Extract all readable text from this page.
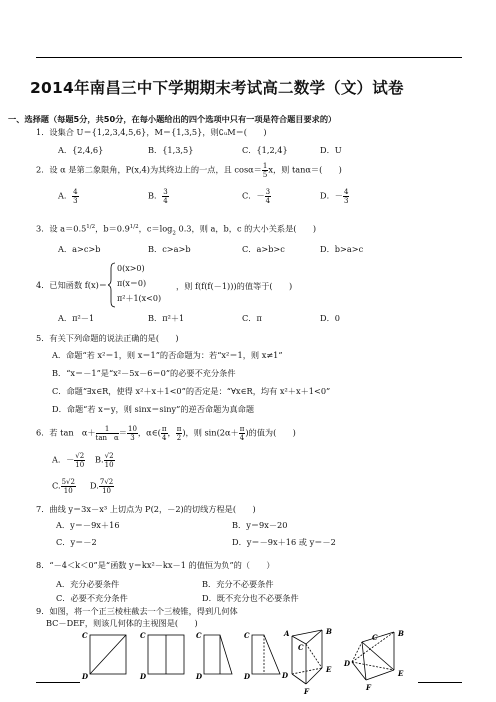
2014年南昌三中下学期期末考试高二数学（文）试卷
一、选择题（每题5分，共50分，在每小题给出的四个选项中只有一项是符合题目要求的）
1．设集合 U＝{1,2,3,4,5,6}，M＝{1,3,5}，则∁ᵤM＝(　　)
A．{2,4,6}	B．{1,3,5}	C．{1,2,4}	D．U
2．设 α 是第二象限角，P(x,4)为其终边上的一点，且 $\cos\alpha= \frac{1}{5}$ x，则 tanα＝(　　)
A． $\frac{4}{3}$	B． $\frac{3}{4}$	C．－ $\frac{3}{4}$	D．－ $\frac{4}{3}$
3．设 $a=0.5^{1/2}$，$b=0.9^{1/2}$，$c=\log_2$ 0.3，则 a，b，c 的大小关系是(　　)
A．a>c>b	B．c>a>b	C．a>b>c	D．b>a>c
4．已知函数 f(x)＝
0(x>0)
π(x＝0)
π²＋1(x<0)
，则 f(f(f(－1)))的值等于(　　)
A．π²－1	B．π²＋1	C．π	D．0
5．有关下列命题的说法正确的是(　　)
A．命题“若 x²＝1，则 x＝1”的否命题为：若“x²＝1，则 x≠1”
B．“x＝－1”是“x²－5x－6＝0”的必要不充分条件
C．命题“∃x∈R，使得 x²＋x＋1<0”的否定是：“∀x∈R，均有 x²＋x＋1<0”
D．命题“若 x＝y，则 sinx＝siny”的逆否命题为真命题
6．若 tan　$\alpha+ \frac{1}{\text{tan　α}} = \frac{10}{3}$ ，α∈( $\frac{\pi}{4}$ ， $\frac{\pi}{2}$ )，则 $\sin(2\alpha+ \frac{\pi}{4}$ )的值为(　　)
A．－ $\frac{√2}{10} B$. $\frac{√2}{10}$
C. $\frac{5√2}{10} D$. $\frac{7√2}{10}$
7．曲线 y＝3x－x³ 上切点为 P(2，－2)的切线方程是(　　)
A．y＝－9x＋16	B．y＝9x－20
C．y＝－2	D．y＝－9x＋16 或 y＝－2
8．“－4＜k＜0”是“函数 y＝kx²－kx－1 的值恒为负”的（　　）
A．充分必要条件	B．充分不必要条件
C．必要不充分条件	D．既不充分也不必要条件
9．如图，将一个正三棱柱截去一个三棱锥，得到几何体
BC－DEF，则该几何体的主视图是(　　)
C
D
C
D
C
D
C
D
A	B
C
D
E
F
C	B
D
E
F
